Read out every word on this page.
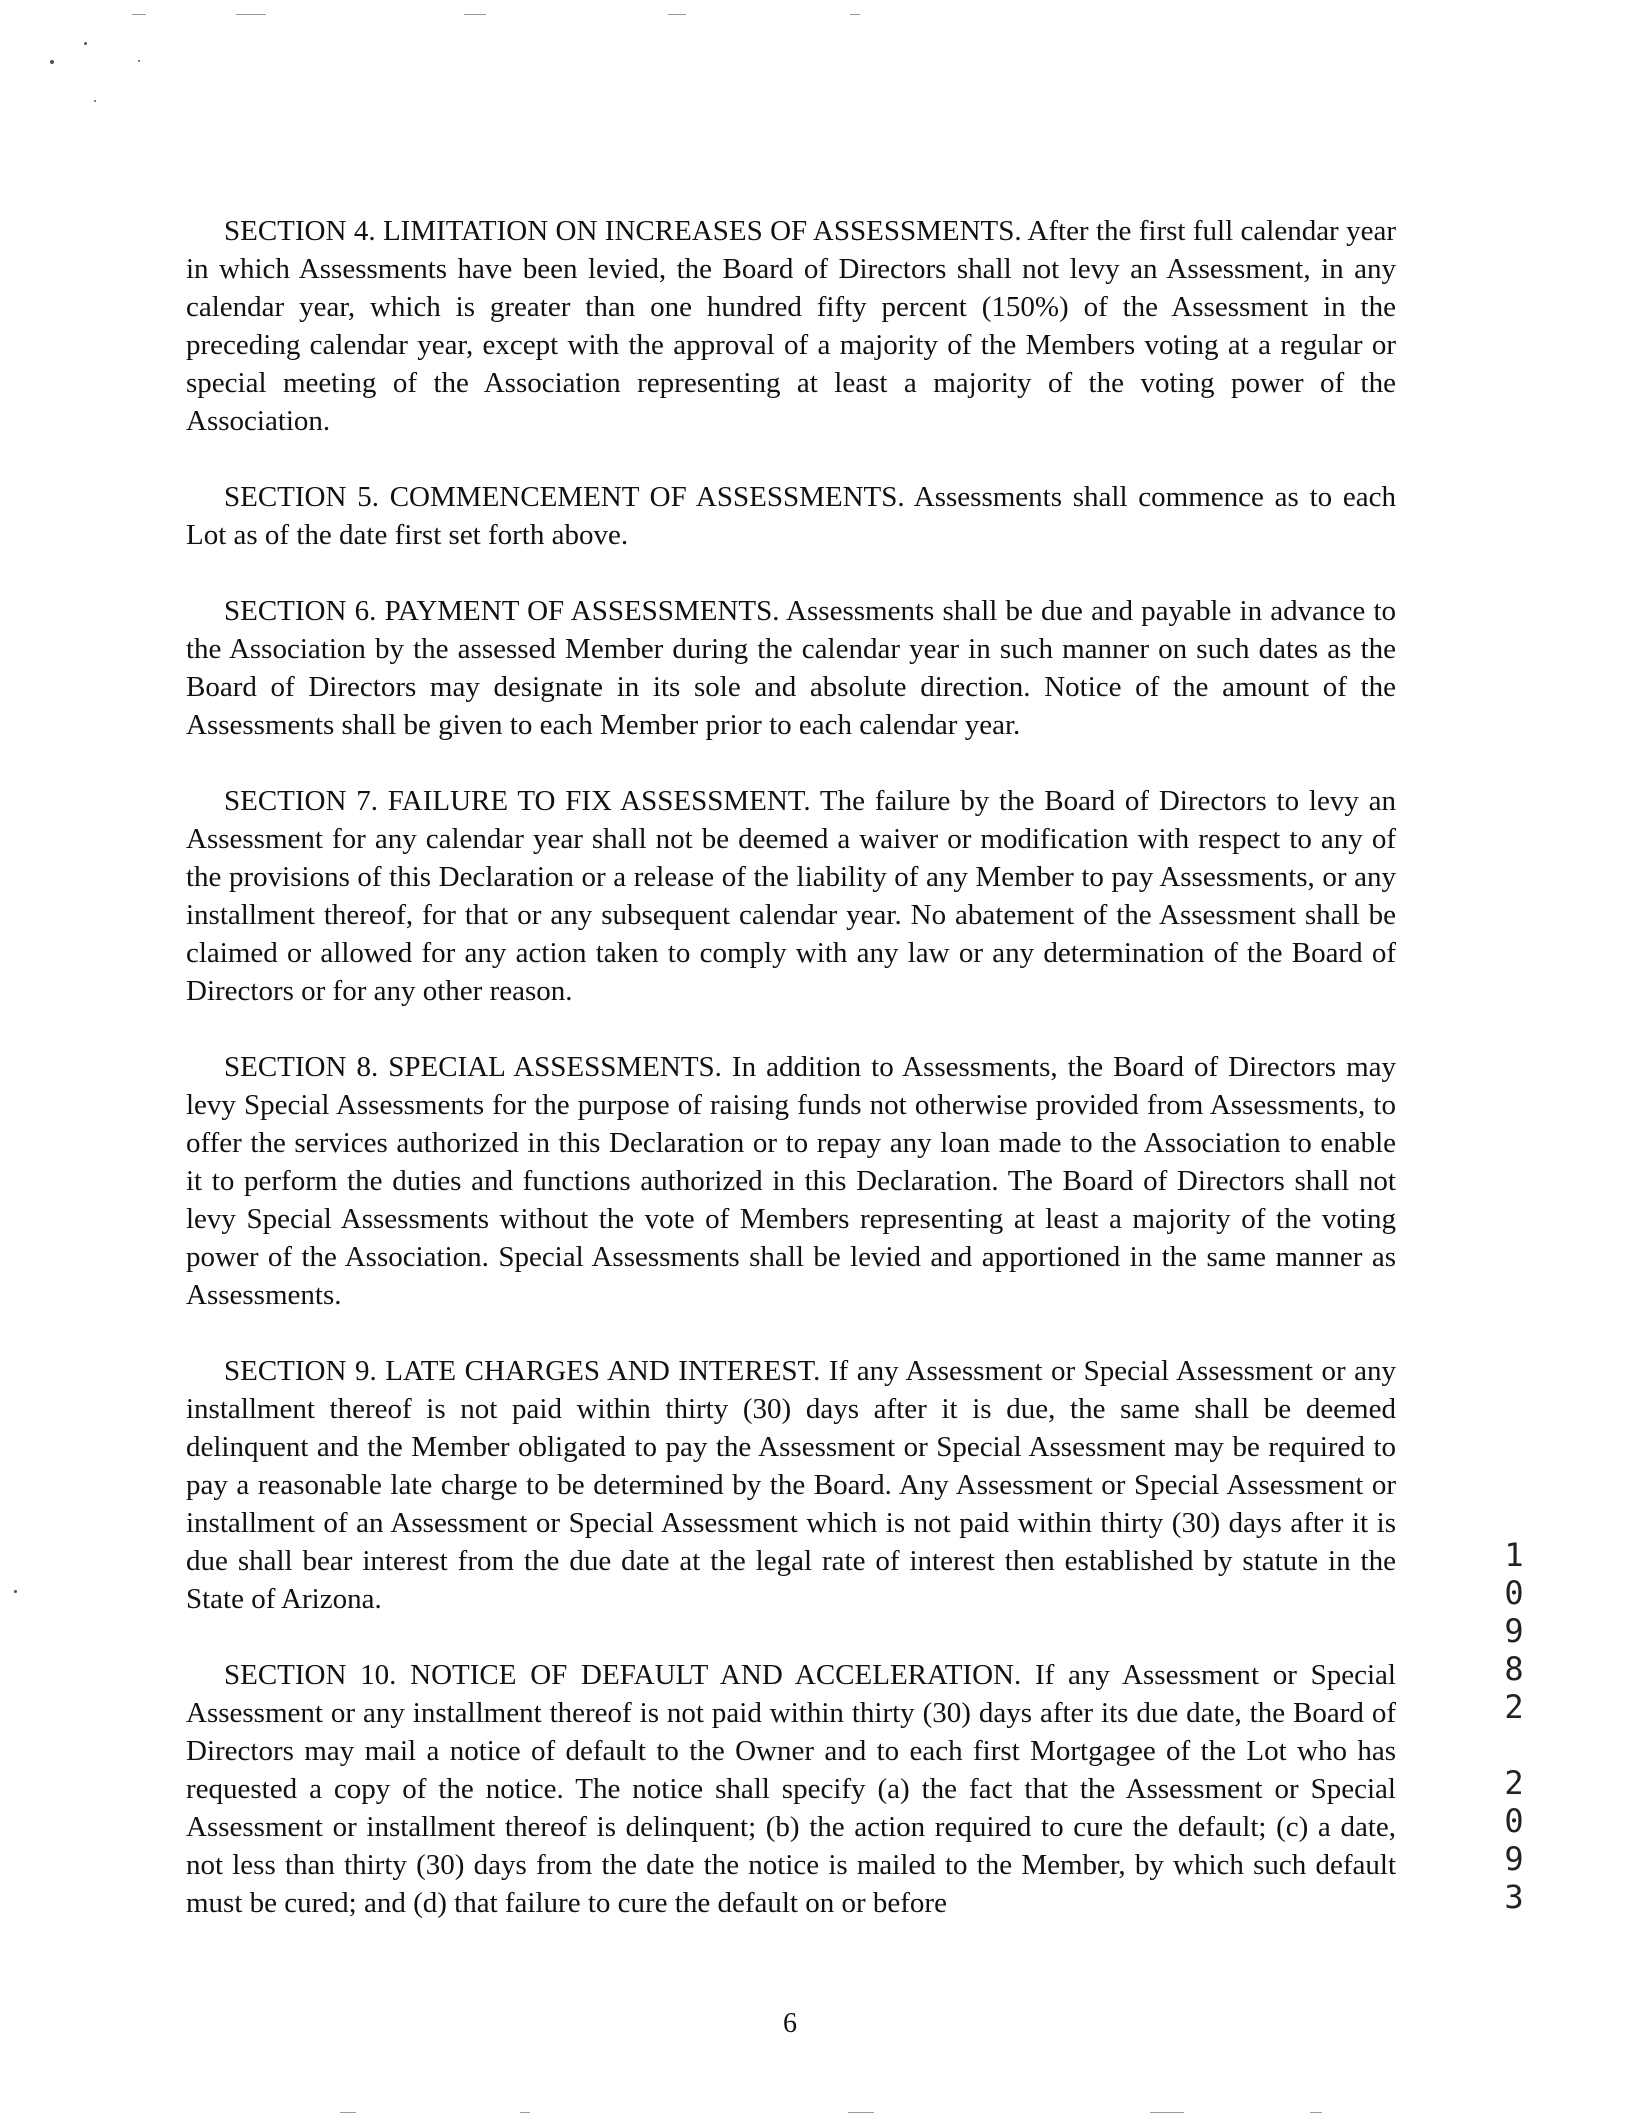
SECTION 4. LIMITATION ON INCREASES OF ASSESSMENTS. After the first full calendar year in which Assessments have been levied, the Board of Directors shall not levy an Assessment, in any calendar year, which is greater than one hundred fifty percent (150%) of the Assessment in the preceding calendar year, except with the approval of a majority of the Members voting at a regular or special meeting of the Association representing at least a majority of the voting power of the Association.

SECTION 5. COMMENCEMENT OF ASSESSMENTS. Assessments shall commence as to each Lot as of the date first set forth above.

SECTION 6. PAYMENT OF ASSESSMENTS. Assessments shall be due and payable in advance to the Association by the assessed Member during the calendar year in such manner on such dates as the Board of Directors may designate in its sole and absolute direction. Notice of the amount of the Assessments shall be given to each Member prior to each calendar year.

SECTION 7. FAILURE TO FIX ASSESSMENT. The failure by the Board of Directors to levy an Assessment for any calendar year shall not be deemed a waiver or modification with respect to any of the provisions of this Declaration or a release of the liability of any Member to pay Assessments, or any installment thereof, for that or any subsequent calendar year. No abatement of the Assessment shall be claimed or allowed for any action taken to comply with any law or any determination of the Board of Directors or for any other reason.

SECTION 8. SPECIAL ASSESSMENTS. In addition to Assessments, the Board of Directors may levy Special Assessments for the purpose of raising funds not otherwise provided from Assessments, to offer the services authorized in this Declaration or to repay any loan made to the Association to enable it to perform the duties and functions authorized in this Declaration. The Board of Directors shall not levy Special Assessments without the vote of Members representing at least a majority of the voting power of the Association. Special Assessments shall be levied and apportioned in the same manner as Assessments.

SECTION 9. LATE CHARGES AND INTEREST. If any Assessment or Special Assessment or any installment thereof is not paid within thirty (30) days after it is due, the same shall be deemed delinquent and the Member obligated to pay the Assessment or Special Assessment may be required to pay a reasonable late charge to be determined by the Board. Any Assessment or Special Assessment or installment of an Assessment or Special Assessment which is not paid within thirty (30) days after it is due shall bear interest from the due date at the legal rate of interest then established by statute in the State of Arizona.

SECTION 10. NOTICE OF DEFAULT AND ACCELERATION. If any Assessment or Special Assessment or any installment thereof is not paid within thirty (30) days after its due date, the Board of Directors may mail a notice of default to the Owner and to each first Mortgagee of the Lot who has requested a copy of the notice. The notice shall specify (a) the fact that the Assessment or Special Assessment or installment thereof is delinquent; (b) the action required to cure the default; (c) a date, not less than thirty (30) days from the date the notice is mailed to the Member, by which such default must be cured; and (d) that failure to cure the default on or before

1
0
9
8
2
2
0
9
3
6
